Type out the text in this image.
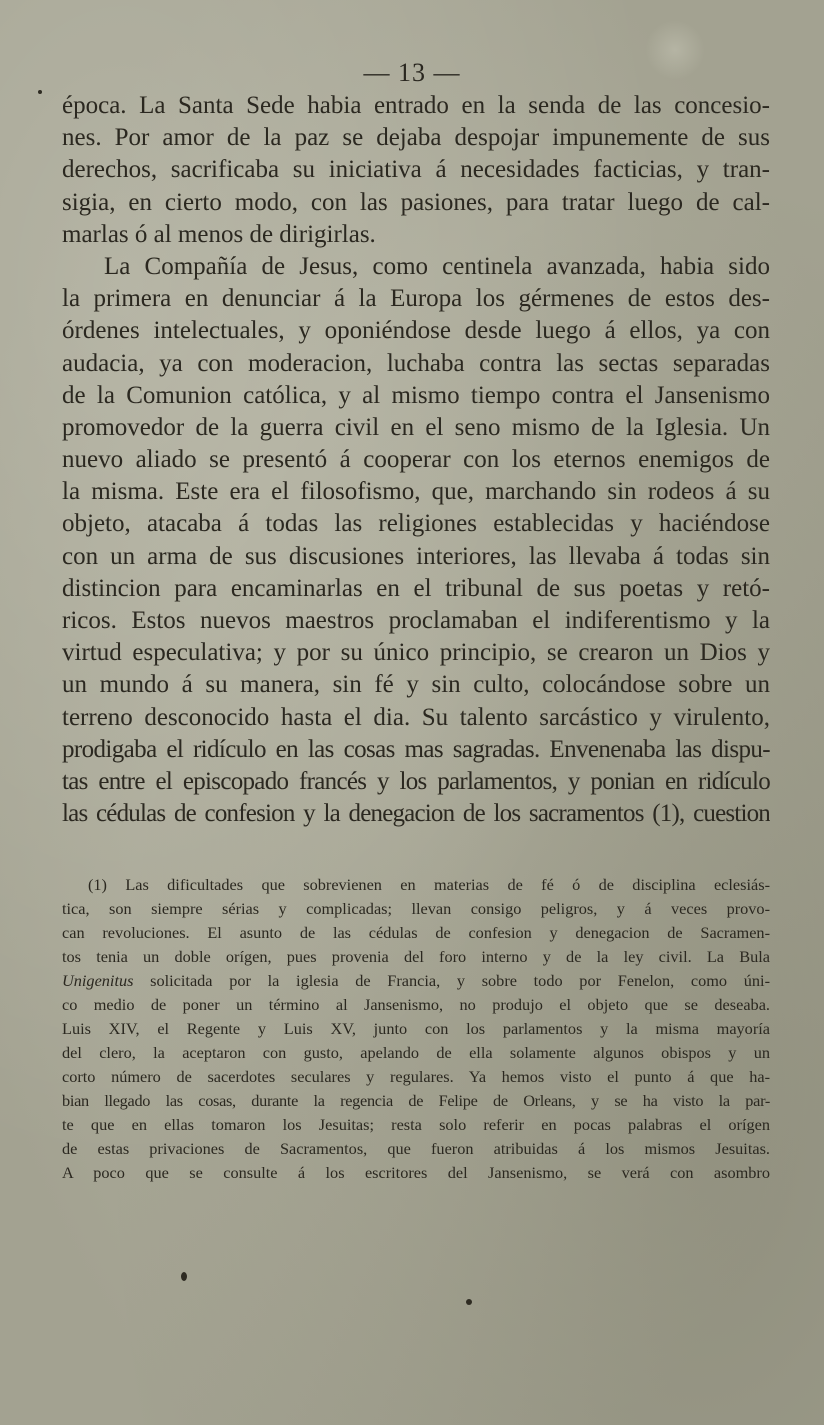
— 13 —
época. La Santa Sede habia entrado en la senda de las concesio-
nes. Por amor de la paz se dejaba despojar impunemente de sus
derechos, sacrificaba su iniciativa á necesidades facticias, y tran-
sigia, en cierto modo, con las pasiones, para tratar luego de cal-
marlas ó al menos de dirigirlas.
La Compañía de Jesus, como centinela avanzada, habia sido
la primera en denunciar á la Europa los gérmenes de estos des-
órdenes intelectuales, y oponiéndose desde luego á ellos, ya con
audacia, ya con moderacion, luchaba contra las sectas separadas
de la Comunion católica, y al mismo tiempo contra el Jansenismo
promovedor de la guerra civil en el seno mismo de la Iglesia. Un
nuevo aliado se presentó á cooperar con los eternos enemigos de
la misma. Este era el filosofismo, que, marchando sin rodeos á su
objeto, atacaba á todas las religiones establecidas y haciéndose
con un arma de sus discusiones interiores, las llevaba á todas sin
distincion para encaminarlas en el tribunal de sus poetas y retó-
ricos. Estos nuevos maestros proclamaban el indiferentismo y la
virtud especulativa; y por su único principio, se crearon un Dios y
un mundo á su manera, sin fé y sin culto, colocándose sobre un
terreno desconocido hasta el dia. Su talento sarcástico y virulento,
prodigaba el ridículo en las cosas mas sagradas. Envenenaba las dispu-
tas entre el episcopado francés y los parlamentos, y ponian en ridículo
las cédulas de confesion y la denegacion de los sacramentos (1), cuestion
(1) Las dificultades que sobrevienen en materias de fé ó de disciplina eclesiás-
tica, son siempre sérias y complicadas; llevan consigo peligros, y á veces provo-
can revoluciones. El asunto de las cédulas de confesion y denegacion de Sacramen-
tos tenia un doble orígen, pues provenia del foro interno y de la ley civil. La Bula
Unigenitus solicitada por la iglesia de Francia, y sobre todo por Fenelon, como úni-
co medio de poner un término al Jansenismo, no produjo el objeto que se deseaba.
Luis XIV, el Regente y Luis XV, junto con los parlamentos y la misma mayoría
del clero, la aceptaron con gusto, apelando de ella solamente algunos obispos y un
corto número de sacerdotes seculares y regulares. Ya hemos visto el punto á que ha-
bian llegado las cosas, durante la regencia de Felipe de Orleans, y se ha visto la par-
te que en ellas tomaron los Jesuitas; resta solo referir en pocas palabras el orígen
de estas privaciones de Sacramentos, que fueron atribuidas á los mismos Jesuitas.
A poco que se consulte á los escritores del Jansenismo, se verá con asombro
